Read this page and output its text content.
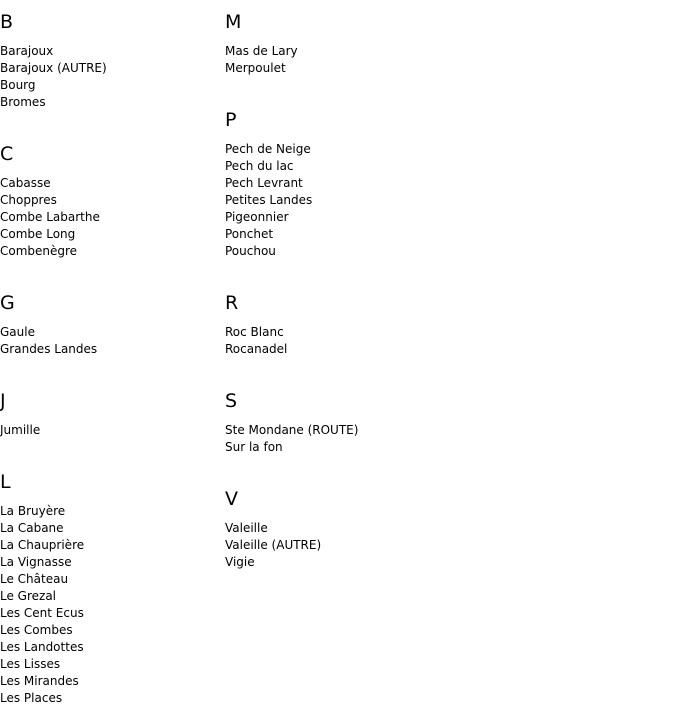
B
Barajoux
Barajoux (AUTRE)
Bourg
Bromes
C
Cabasse
Choppres
Combe Labarthe
Combe Long
Combenègre
G
Gaule
Grandes Landes
J
Jumille
L
La Bruyère
La Cabane
La Chauprière
La Vignasse
Le Château
Le Grezal
Les Cent Ecus
Les Combes
Les Landottes
Les Lisses
Les Mirandes
Les Places
M
Mas de Lary
Merpoulet
P
Pech de Neige
Pech du lac
Pech Levrant
Petites Landes
Pigeonnier
Ponchet
Pouchou
R
Roc Blanc
Rocanadel
S
Ste Mondane (ROUTE)
Sur la fon
V
Valeille
Valeille (AUTRE)
Vigie
